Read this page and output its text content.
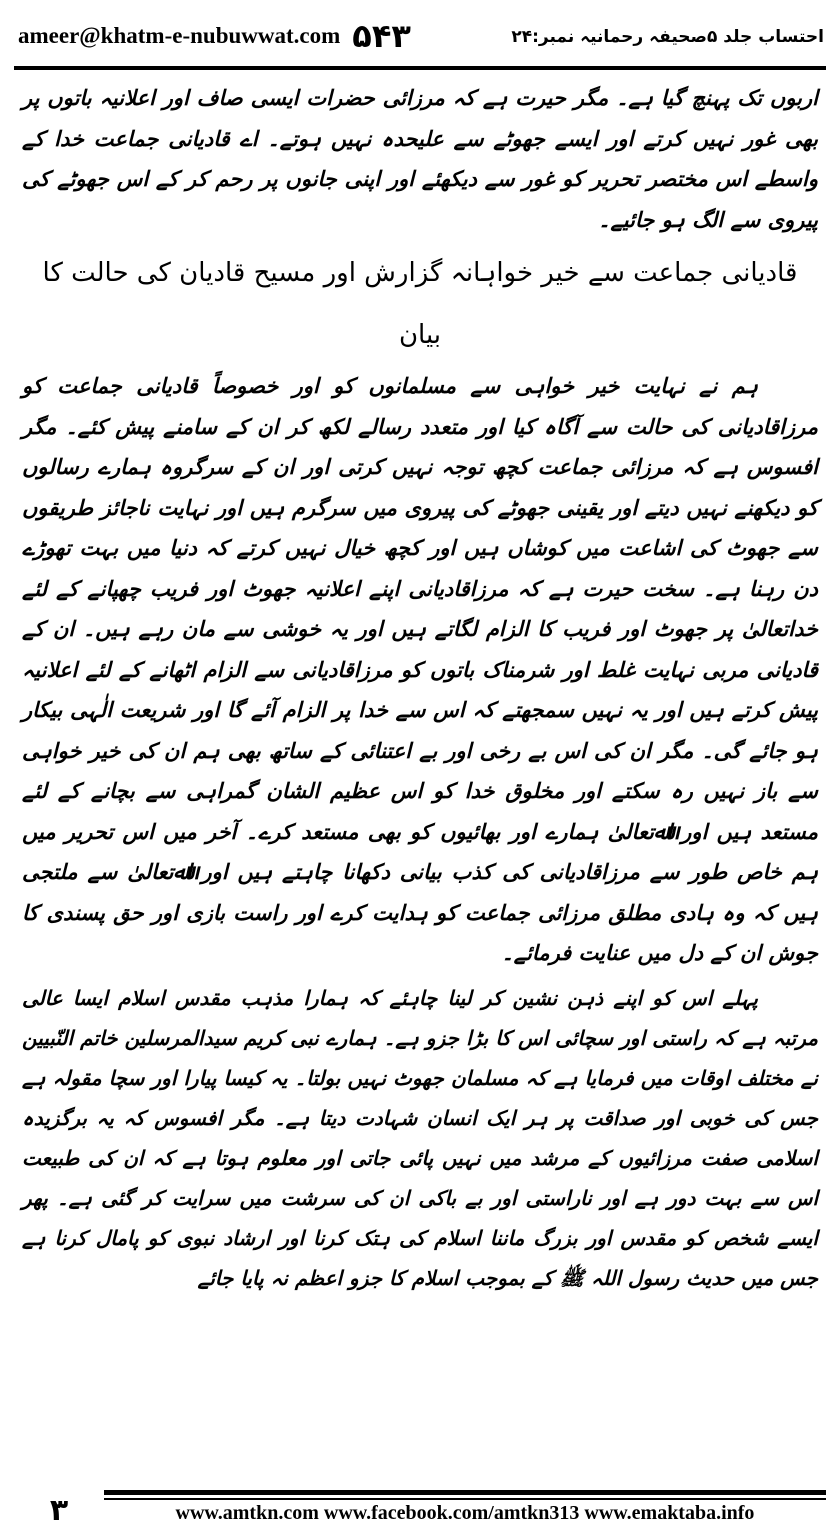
ameer@khatm-e-nubuwwat.com ۵۴۳	احتساب جلد ۵صحیفہ رحمانیہ نمبر:۲۴

اربوں تک پہنچ گیا ہے۔ مگر حیرت ہے کہ مرزائی حضرات ایسی صاف اور اعلانیہ باتوں پر بھی غور نہیں کرتے اور ایسے جھوٹے سے علیحدہ نہیں ہوتے۔ اے قادیانی جماعت خدا کے واسطے اس مختصر تحریر کو غور سے دیکھئے اور اپنی جانوں پر رحم کر کے اس جھوٹے کی پیروی سے الگ ہو جائیے۔

قادیانی جماعت سے خیر خواہانہ گزارش اور مسیح قادیان کی حالت کا بیان

ہم نے نہایت خیر خواہی سے مسلمانوں کو اور خصوصاً قادیانی جماعت کو مرزاقادیانی کی حالت سے آگاہ کیا اور متعدد رسالے لکھ کر ان کے سامنے پیش کئے۔ مگر افسوس ہے کہ مرزائی جماعت کچھ توجہ نہیں کرتی اور ان کے سرگروہ ہمارے رسالوں کو دیکھنے نہیں دیتے اور یقینی جھوٹے کی پیروی میں سرگرم ہیں اور نہایت ناجائز طریقوں سے جھوٹ کی اشاعت میں کوشاں ہیں اور کچھ خیال نہیں کرتے کہ دنیا میں بہت تھوڑے دن رہنا ہے۔ سخت حیرت ہے کہ مرزاقادیانی اپنے اعلانیہ جھوٹ اور فریب چھپانے کے لئے خداتعالیٰ پر جھوٹ اور فریب کا الزام لگاتے ہیں اور یہ خوشی سے مان رہے ہیں۔ ان کے قادیانی مربی نہایت غلط اور شرمناک باتوں کو مرزاقادیانی سے الزام اٹھانے کے لئے اعلانیہ پیش کرتے ہیں اور یہ نہیں سمجھتے کہ اس سے خدا پر الزام آئے گا اور شریعت الٰہی بیکار ہو جائے گی۔ مگر ان کی اس بے رخی اور بے اعتنائی کے ساتھ بھی ہم ان کی خیر خواہی سے باز نہیں رہ سکتے اور مخلوق خدا کو اس عظیم الشان گمراہی سے بچانے کے لئے مستعد ہیں اور اﷲتعالیٰ ہمارے اور بھائیوں کو بھی مستعد کرے۔ آخر میں اس تحریر میں ہم خاص طور سے مرزاقادیانی کی کذب بیانی دکھانا چاہتے ہیں اور اﷲتعالیٰ سے ملتجی ہیں کہ وہ ہادی مطلق مرزائی جماعت کو ہدایت کرے اور راست بازی اور حق پسندی کا جوش ان کے دل میں عنایت فرمائے۔

پہلے اس کو اپنے ذہن نشین کر لینا چاہئے کہ ہمارا مذہب مقدس اسلام ایسا عالی مرتبہ ہے کہ راستی اور سچائی اس کا بڑا جزو ہے۔ ہمارے نبی کریم سیدالمرسلین خاتم النّبیین نے مختلف اوقات میں فرمایا ہے کہ مسلمان جھوٹ نہیں بولتا۔ یہ کیسا پیارا اور سچا مقولہ ہے جس کی خوبی اور صداقت پر ہر ایک انسان شہادت دیتا ہے۔ مگر افسوس کہ یہ برگزیدہ اسلامی صفت مرزائیوں کے مرشد میں نہیں پائی جاتی اور معلوم ہوتا ہے کہ ان کی طبیعت اس سے بہت دور ہے اور ناراستی اور بے باکی ان کی سرشت میں سرایت کر گئی ہے۔ پھر ایسے شخص کو مقدس اور بزرگ ماننا اسلام کی ہتک کرنا اور ارشاد نبوی کو پامال کرنا ہے جس میں حدیث رسول اللہ ﷺ کے بموجب اسلام کا جزو اعظم نہ پایا جائے

۳	www.amtkn.com www.facebook.com/amtkn313 www.emaktaba.info
